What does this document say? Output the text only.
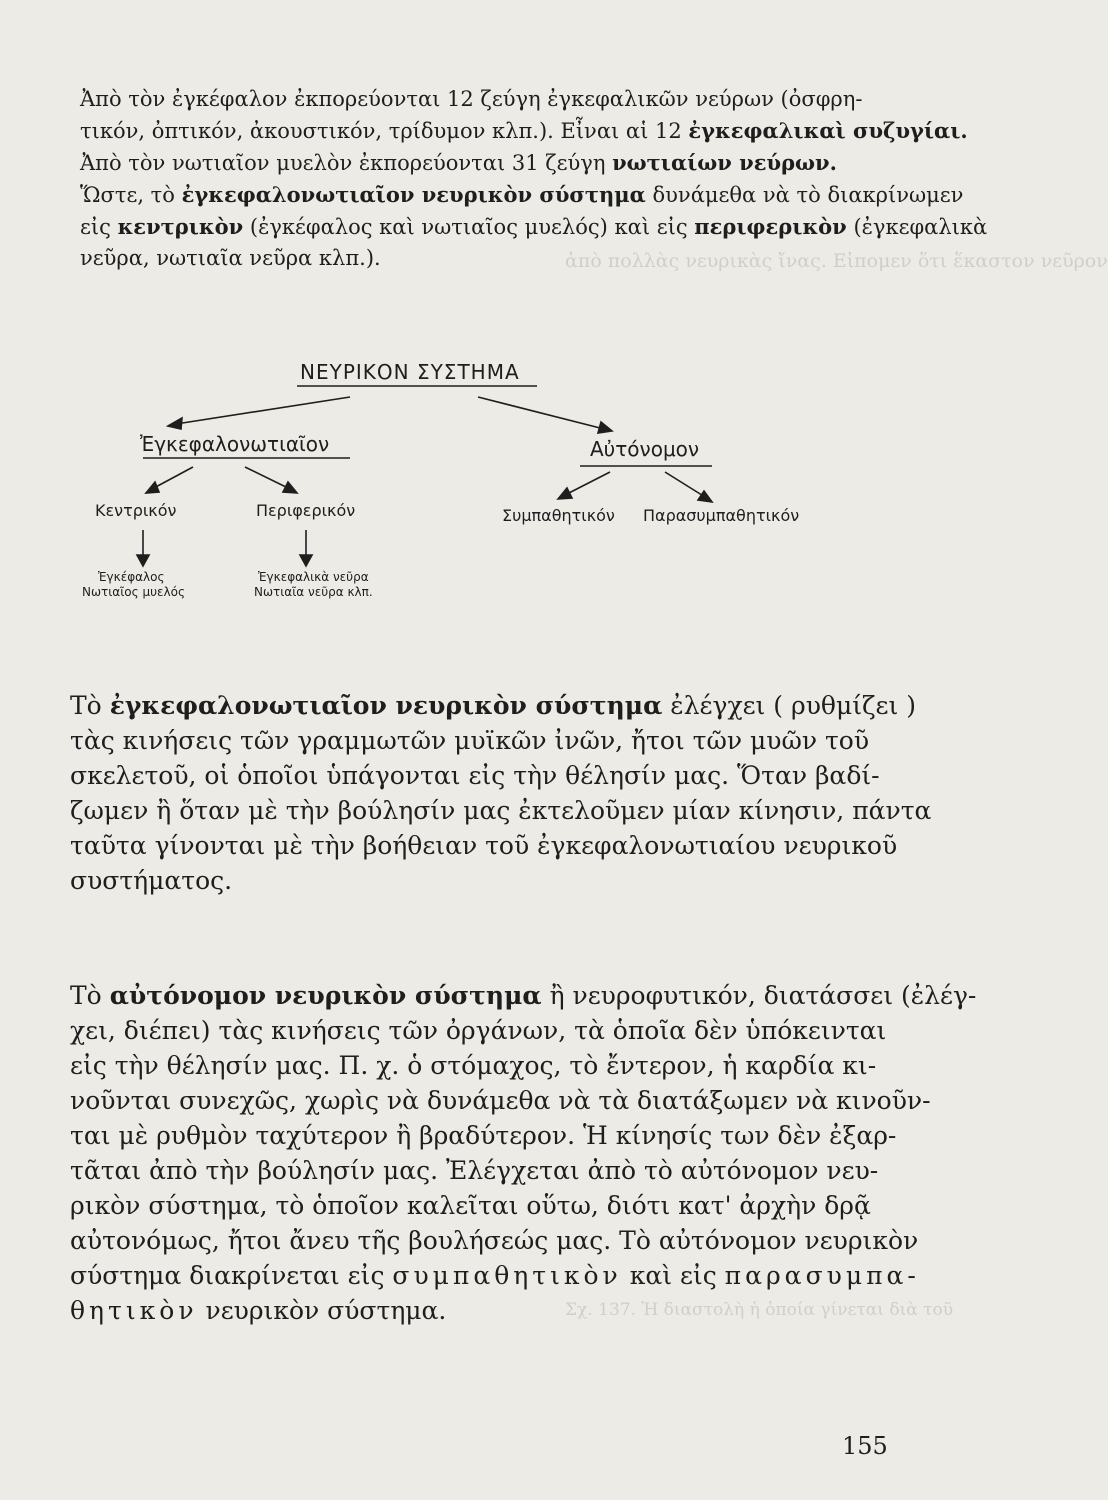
ἀπὸ πολλὰς νευρικὰς ἴνας. Εἰπομεν ὅτι ἕκαστον νεῦρον
Σχ. 137. Ἡ διαστολὴ ἡ ὁποία γίνεται διὰ τοῦ
Ἀπὸ τὸν ἐγκέφαλον ἐκπορεύονται 12 ζεύγη ἐγκεφαλικῶν νεύρων (ὀσφρη-
τικόν, ὀπτικόν, ἀκουστικόν, τρίδυμον κλπ.). Εἶναι αἱ 12 ἐγκεφαλικαὶ συζυγίαι.
Ἀπὸ τὸν νωτιαῖον μυελὸν ἐκπορεύονται 31 ζεύγη νωτιαίων νεύρων.
Ὥστε, τὸ ἐγκεφαλονωτιαῖον νευρικὸν σύστημα δυνάμεθα νὰ τὸ διακρίνωμεν
εἰς κεντρικὸν (ἐγκέφαλος καὶ νωτιαῖος μυελός) καὶ εἰς περιφερικὸν (ἐγκεφαλικὰ
νεῦρα, νωτιαῖα νεῦρα κλπ.).
ΝΕΥΡΙΚΟΝ ΣΥΣΤΗΜΑ
Ἐγκεφαλονωτιαῖον	Αὐτόνομον
Κεντρικόν	Περιφερικόν	Συμπαθητικόν Παρασυμπαθητικόν
Ἐγκέφαλος
Νωτιαῖος μυελός
Ἐγκεφαλικὰ νεῦρα
Νωτιαῖα νεῦρα κλπ.
Τὸ ἐγκεφαλονωτιαῖον νευρικὸν σύστημα ἐλέγχει ( ρυθμίζει )
τὰς κινήσεις τῶν γραμμωτῶν μυϊκῶν ἰνῶν, ἤτοι τῶν μυῶν τοῦ
σκελετοῦ, οἱ ὁποῖοι ὑπάγονται εἰς τὴν θέλησίν μας. Ὅταν βαδί-
ζωμεν ἢ ὅταν μὲ τὴν βούλησίν μας ἐκτελοῦμεν μίαν κίνησιν, πάντα
ταῦτα γίνονται μὲ τὴν βοήθειαν τοῦ ἐγκεφαλονωτιαίου νευρικοῦ
συστήματος.
Τὸ αὐτόνομον νευρικὸν σύστημα ἢ νευροφυτικόν, διατάσσει (ἐλέγ-
χει, διέπει) τὰς κινήσεις τῶν ὀργάνων, τὰ ὁποῖα δὲν ὑπόκεινται
εἰς τὴν θέλησίν μας. Π. χ. ὁ στόμαχος, τὸ ἔντερον, ἡ καρδία κι-
νοῦνται συνεχῶς, χωρὶς νὰ δυνάμεθα νὰ τὰ διατάξωμεν νὰ κινοῦν-
ται μὲ ρυθμὸν ταχύτερον ἢ βραδύτερον. Ἡ κίνησίς των δὲν ἐξαρ-
τᾶται ἀπὸ τὴν βούλησίν μας. Ἐλέγχεται ἀπὸ τὸ αὐτόνομον νευ-
ρικὸν σύστημα, τὸ ὁποῖον καλεῖται οὕτω, διότι κατ' ἀρχὴν δρᾷ
αὐτονόμως, ἤτοι ἄνευ τῆς βουλήσεώς μας. Τὸ αὐτόνομον νευρικὸν
σύστημα διακρίνεται εἰς συμπαθητικὸν καὶ εἰς παρασυμπα-
θητικὸν νευρικὸν σύστημα.
155
